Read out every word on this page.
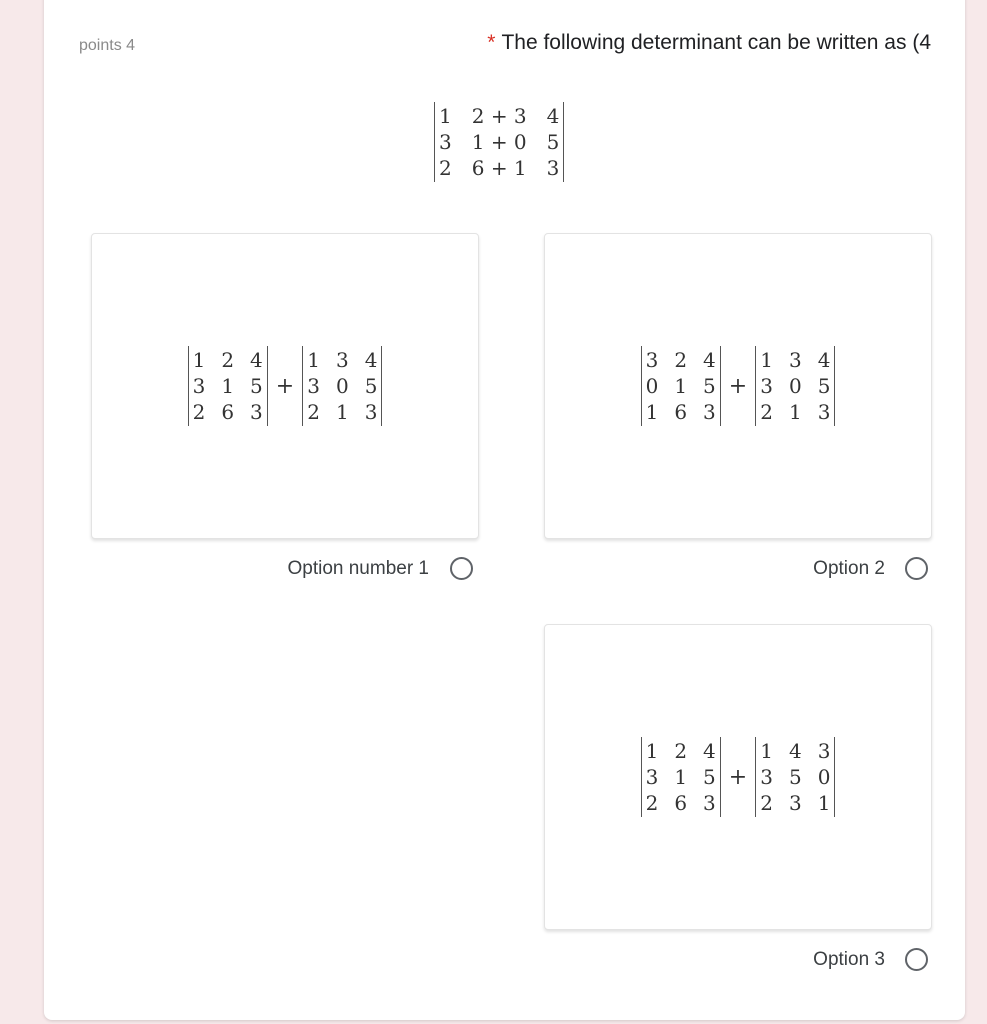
points 4	* The following determinant can be written as (4
1	2 + 3	4
3	1 + 0	5
2	6 + 1	3
1	2	4
3	1	5
2	6	3
+
1	3	4
3	0	5
2	1	3
Option number 1
3	2	4
0	1	5
1	6	3
+
1	3	4
3	0	5
2	1	3
Option 2
1	2	4
3	1	5
2	6	3
+
1	4	3
3	5	0
2	3	1
Option 3
